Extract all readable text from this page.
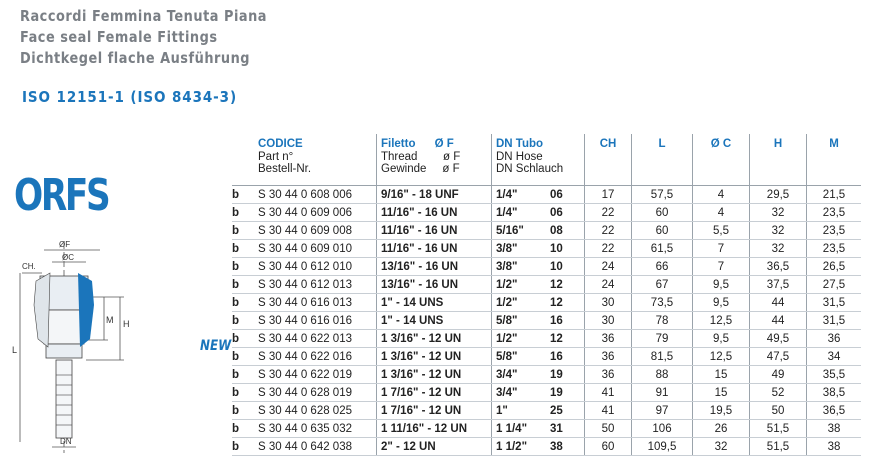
Raccordi Femmina Tenuta Piana
Face seal Female Fittings
Dichtkegel flache Ausführung
ISO 12151-1 (ISO 8434-3)
ORFS
NEW
ØF
ØC
CH.
L
H
M
DN

	CODICE
Part n°
Bestell-Nr.	Filetto      Ø F
Thread        ø F
Gewinde     ø F	DN Tubo
DN Hose
DN Schlauch		CH	L	Ø C	H	M

b	S 30 44 0 608 006	9/16" - 18 UNF	1/4"	06	17	57,5	4	29,5	21,5
b	S 30 44 0 609 006	11/16" - 16 UN	1/4"	06	22	60	4	32	23,5
b	S 30 44 0 609 008	11/16" - 16 UN	5/16"	08	22	60	5,5	32	23,5
b	S 30 44 0 609 010	11/16" - 16 UN	3/8"	10	22	61,5	7	32	23,5
b	S 30 44 0 612 010	13/16" - 16 UN	3/8"	10	24	66	7	36,5	26,5
b	S 30 44 0 612 013	13/16" - 16 UN	1/2"	12	24	67	9,5	37,5	27,5
b	S 30 44 0 616 013	1" - 14 UNS	1/2"	12	30	73,5	9,5	44	31,5
b	S 30 44 0 616 016	1" - 14 UNS	5/8"	16	30	78	12,5	44	31,5
b	S 30 44 0 622 013	1 3/16" - 12 UN	1/2"	12	36	79	9,5	49,5	36
b	S 30 44 0 622 016	1 3/16" - 12 UN	5/8"	16	36	81,5	12,5	47,5	34
b	S 30 44 0 622 019	1 3/16" - 12 UN	3/4"	19	36	88	15	49	35,5
b	S 30 44 0 628 019	1 7/16" - 12 UN	3/4"	19	41	91	15	52	38,5
b	S 30 44 0 628 025	1 7/16" - 12 UN	1"	25	41	97	19,5	50	36,5
b	S 30 44 0 635 032	1 11/16" - 12 UN	1 1/4"	31	50	106	26	51,5	38
b	S 30 44 0 642 038	2" - 12 UN	1 1/2"	38	60	109,5	32	51,5	38
